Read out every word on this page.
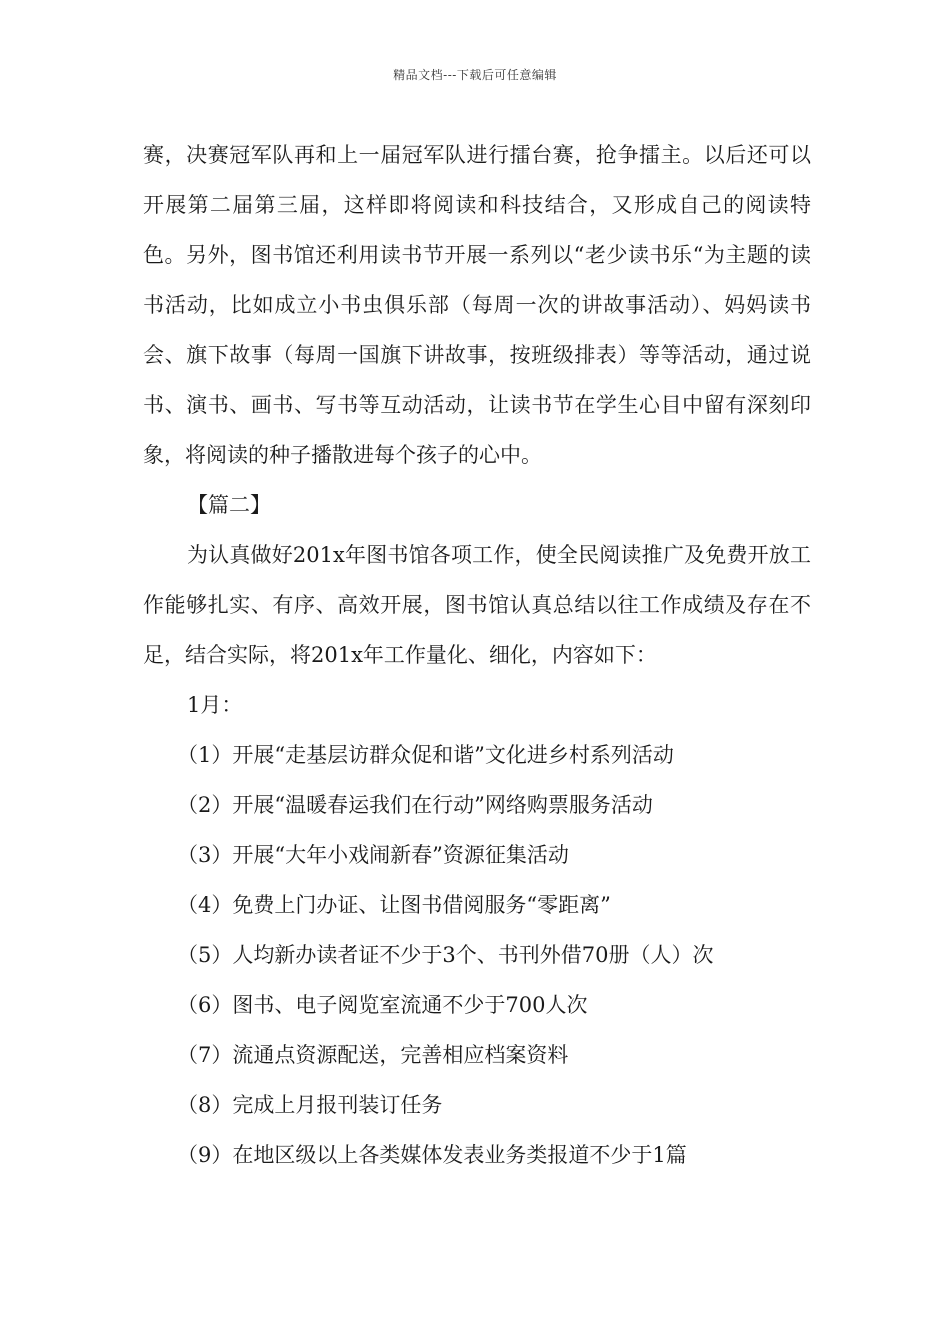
精品文档---下载后可任意编辑

赛，决赛冠军队再和上一届冠军队进行擂台赛，抢争擂主。以后还可以开展第二届第三届，这样即将阅读和科技结合，又形成自己的阅读特色。另外，图书馆还利用读书节开展一系列以“老少读书乐“为主题的读书活动，比如成立小书虫俱乐部（每周一次的讲故事活动）、妈妈读书会、旗下故事（每周一国旗下讲故事，按班级排表）等等活动，通过说书、演书、画书、写书等互动活动，让读书节在学生心目中留有深刻印象，将阅读的种子播散进每个孩子的心中。

【篇二】

为认真做好201x年图书馆各项工作，使全民阅读推广及免费开放工作能够扎实、有序、高效开展，图书馆认真总结以往工作成绩及存在不足，结合实际，将201x年工作量化、细化，内容如下：

1月：

（1）开展“走基层访群众促和谐”文化进乡村系列活动

（2）开展“温暖春运我们在行动”网络购票服务活动

（3）开展“大年小戏闹新春”资源征集活动

（4）免费上门办证、让图书借阅服务“零距离”

（5）人均新办读者证不少于3个、书刊外借70册（人）次

（6）图书、电子阅览室流通不少于700人次

（7）流通点资源配送，完善相应档案资料

（8）完成上月报刊装订任务

（9）在地区级以上各类媒体发表业务类报道不少于1篇
